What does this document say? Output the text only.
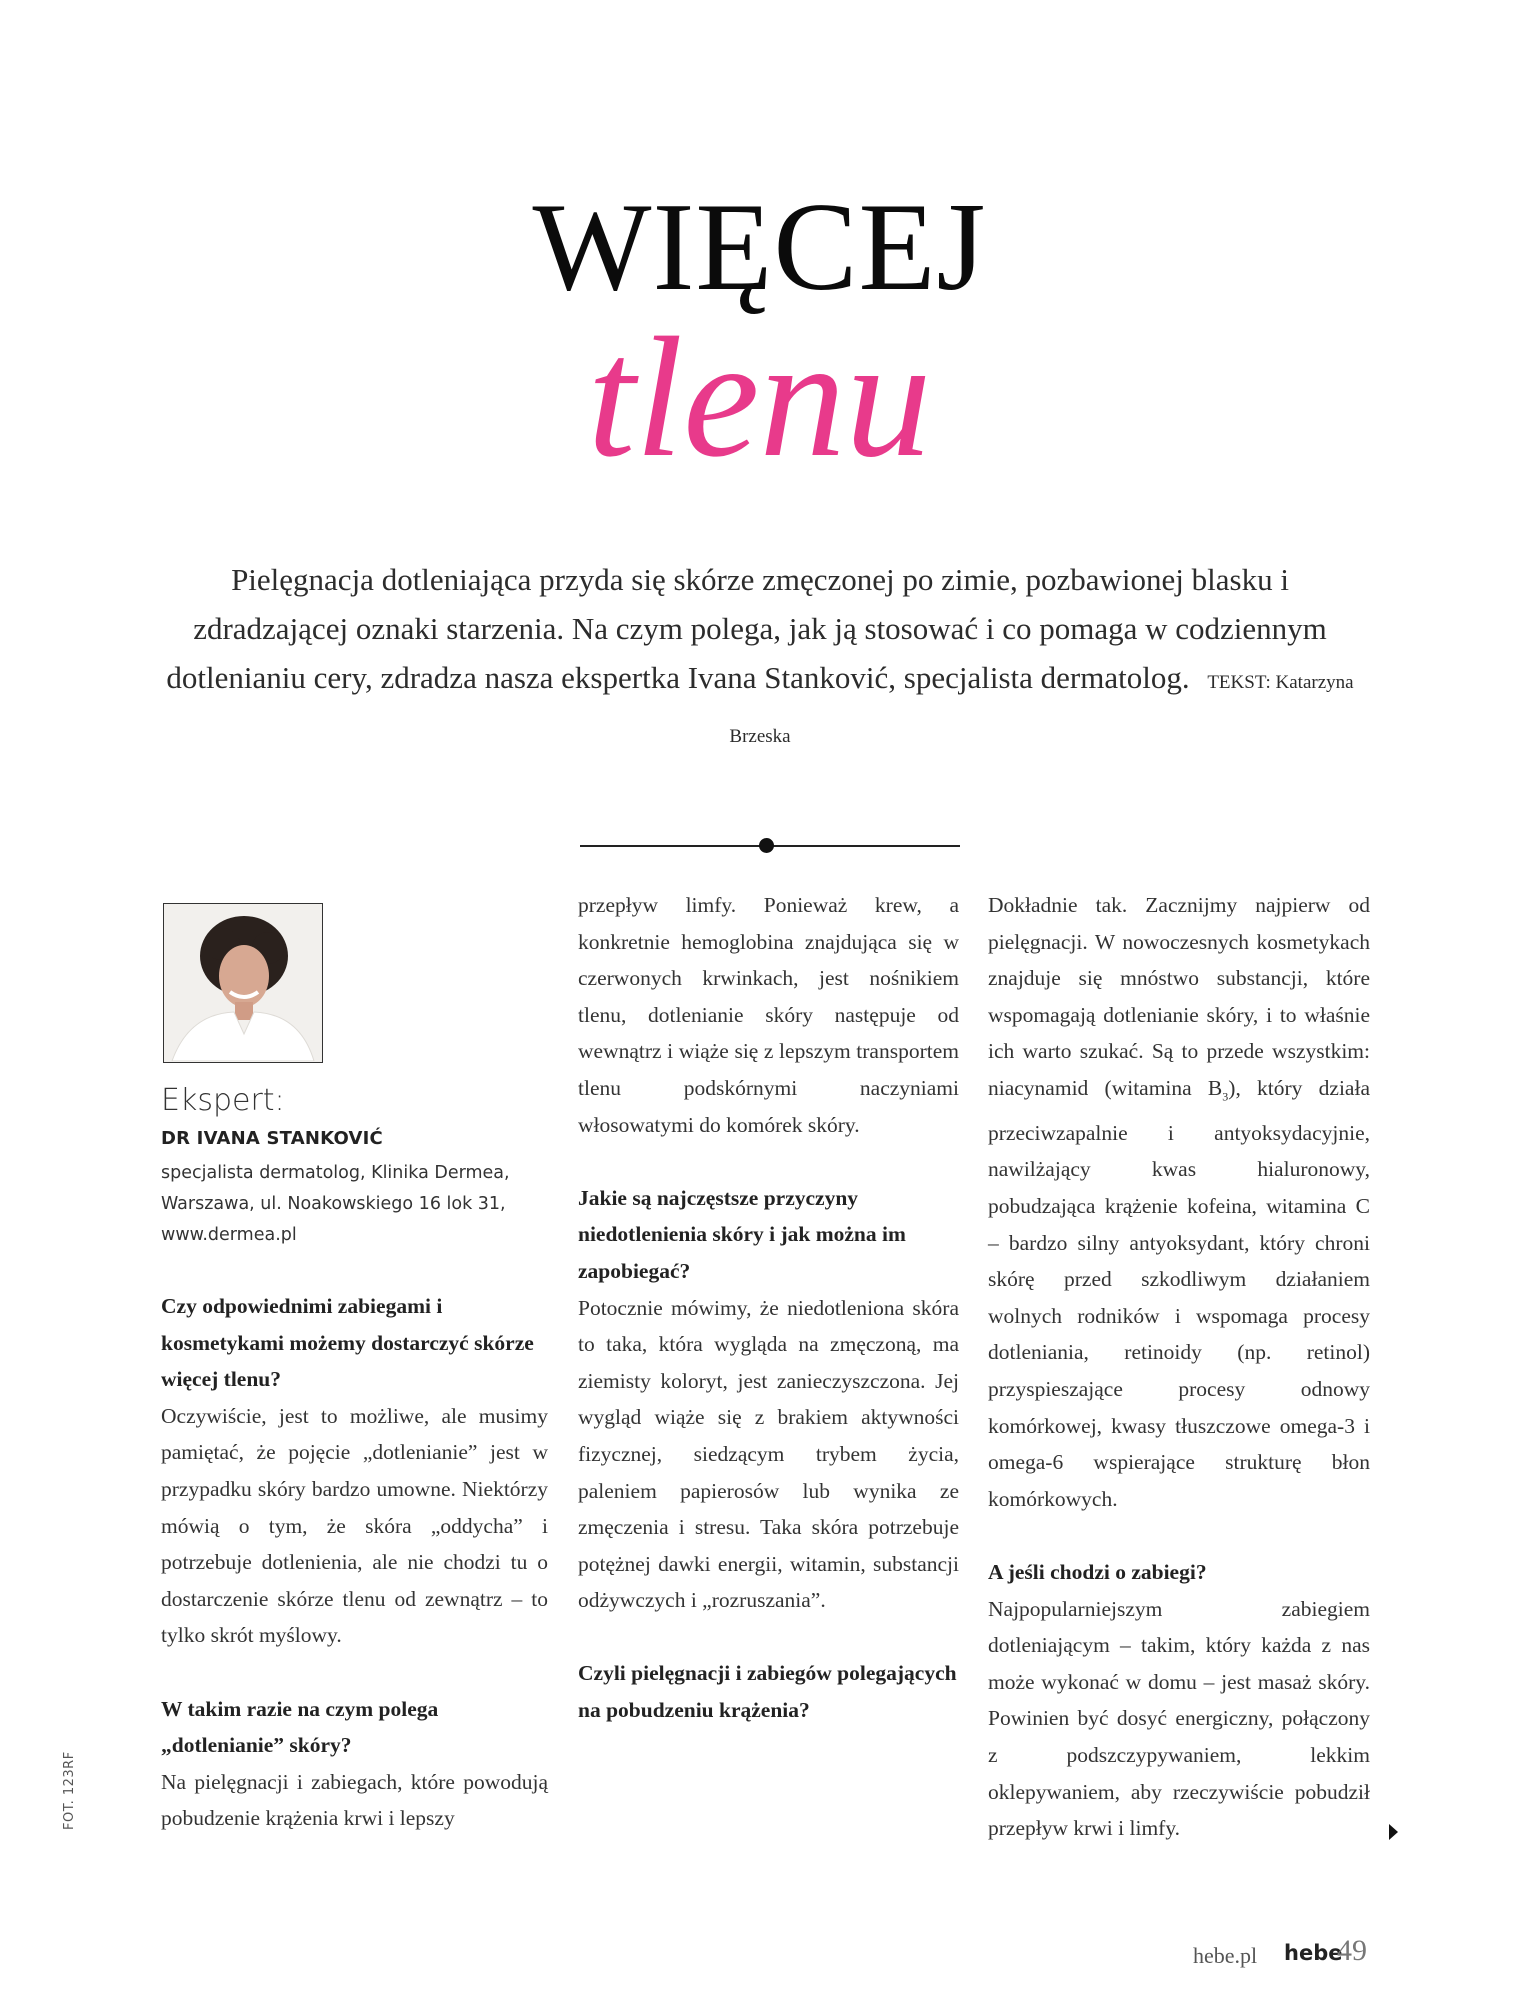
WIĘCEJ
tlenu
Pielęgnacja dotleniająca przyda się skórze zmęczonej po zimie, pozbawionej blasku i zdradzającej oznaki starzenia. Na czym polega, jak ją stosować i co pomaga w codziennym dotlenianiu cery, zdradza nasza ekspertka Ivana Stanković, specjalista dermatolog. TEKST: Katarzyna Brzeska
Ekspert:
DR IVANA STANKOVIĆ
specjalista dermatolog, Klinika Dermea, Warszawa, ul. Noakowskiego 16 lok 31, www.dermea.pl

Czy odpowiednimi zabiegami i kosmetykami możemy dostarczyć skórze więcej tlenu?

Oczywiście, jest to możliwe, ale musimy pamiętać, że pojęcie „dotlenianie” jest w przypadku skóry bardzo umowne. Niektórzy mówią o tym, że skóra „oddycha” i potrzebuje dotlenienia, ale nie chodzi tu o dostarczenie skórze tlenu od zewnątrz – to tylko skrót myślowy.

W takim razie na czym polega „dotlenianie” skóry?

Na pielęgnacji i zabiegach, które powodują pobudzenie krążenia krwi i lepszy

przepływ limfy. Ponieważ krew, a konkretnie hemoglobina znajdująca się w czerwonych krwinkach, jest nośnikiem tlenu, dotlenianie skóry następuje od wewnątrz i wiąże się z lepszym transportem tlenu podskórnymi naczyniami włosowatymi do komórek skóry.

Jakie są najczęstsze przyczyny niedotlenienia skóry i jak można im zapobiegać?

Potocznie mówimy, że niedotleniona skóra to taka, która wygląda na zmęczoną, ma ziemisty koloryt, jest zanieczyszczona. Jej wygląd wiąże się z brakiem aktywności fizycznej, siedzącym trybem życia, paleniem papierosów lub wynika ze zmęczenia i stresu. Taka skóra potrzebuje potężnej dawki energii, witamin, substancji odżywczych i „rozruszania”.

Czyli pielęgnacji i zabiegów polegających na pobudzeniu krążenia?

Dokładnie tak. Zacznijmy najpierw od pielęgnacji. W nowoczesnych kosmetykach znajduje się mnóstwo substancji, które wspomagają dotlenianie skóry, i to właśnie ich warto szukać. Są to przede wszystkim: niacynamid (witamina $B_3$), który działa przeciwzapalnie i antyoksydacyjnie, nawilżający kwas hialuronowy, pobudzająca krążenie kofeina, witamina C – bardzo silny antyoksydant, który chroni skórę przed szkodliwym działaniem wolnych rodników i wspomaga procesy dotleniania, retinoidy (np. retinol) przyspieszające procesy odnowy komórkowej, kwasy tłuszczowe omega-3 i omega-6 wspierające strukturę błon komórkowych.

A jeśli chodzi o zabiegi?

Najpopularniejszym zabiegiem dotleniającym – takim, który każda z nas może wykonać w domu – jest masaż skóry. Powinien być dosyć energiczny, połączony z podszczypywaniem, lekkim oklepywaniem, aby rzeczywiście pobudził przepływ krwi i limfy.

FOT. 123RF
hebe.pl hebe
49
